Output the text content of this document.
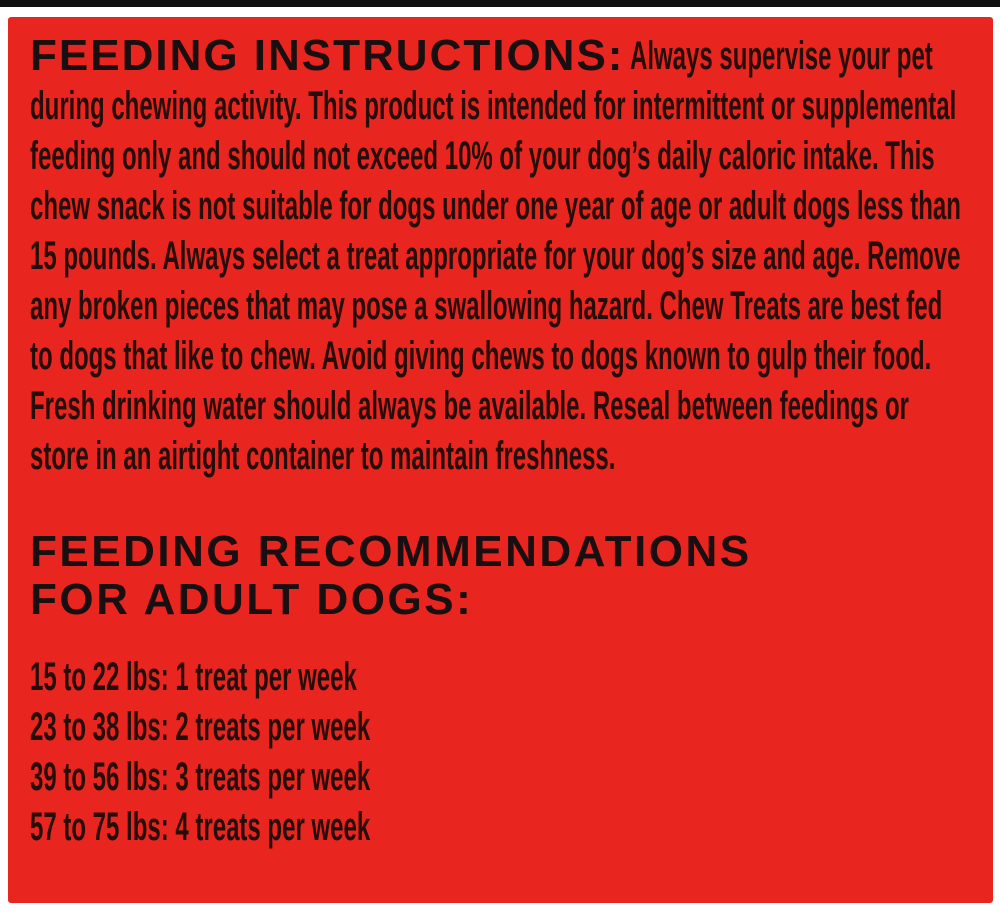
FEEDING INSTRUCTIONS: Always supervise your pet during chewing activity. This product is intended for intermittent or supplemental feeding only and should not exceed 10% of your dog’s daily caloric intake. This chew snack is not suitable for dogs under one year of age or adult dogs less than 15 pounds. Always select a treat appropriate for your dog’s size and age. Remove any broken pieces that may pose a swallowing hazard. Chew Treats are best fed to dogs that like to chew. Avoid giving chews to dogs known to gulp their food. Fresh drinking water should always be available. Reseal between feedings or store in an airtight container to maintain freshness.

FEEDING RECOMMENDATIONS
FOR ADULT DOGS:
15 to 22 lbs: 1 treat per week
23 to 38 lbs: 2 treats per week
39 to 56 lbs: 3 treats per week
57 to 75 lbs: 4 treats per week
